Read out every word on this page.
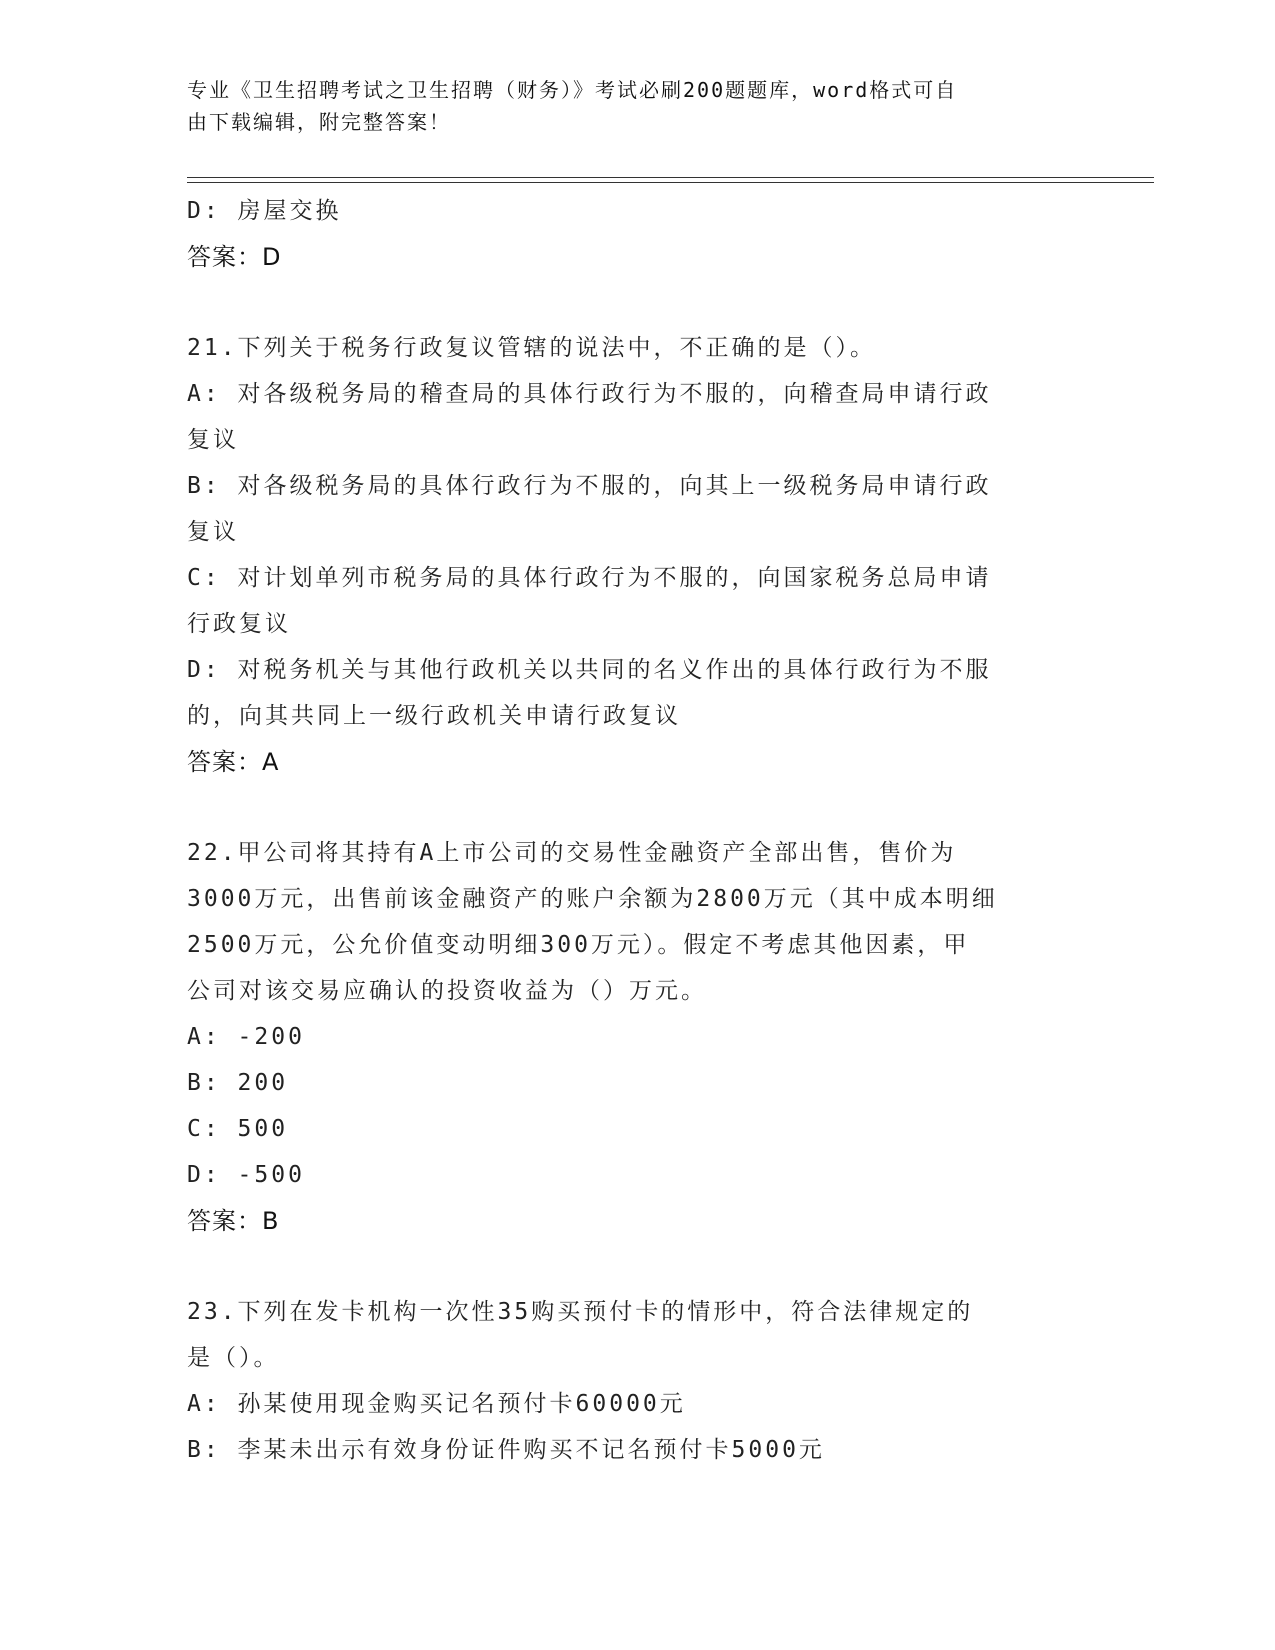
专业《卫生招聘考试之卫生招聘（财务）》考试必刷200题题库，word格式可自
由下载编辑，附完整答案！
D: 房屋交换
答案：D
21.下列关于税务行政复议管辖的说法中，不正确的是（）。
A: 对各级税务局的稽查局的具体行政行为不服的，向稽查局申请行政
复议
B: 对各级税务局的具体行政行为不服的，向其上一级税务局申请行政
复议
C: 对计划单列市税务局的具体行政行为不服的，向国家税务总局申请
行政复议
D: 对税务机关与其他行政机关以共同的名义作出的具体行政行为不服
的，向其共同上一级行政机关申请行政复议
答案：A
22.甲公司将其持有A上市公司的交易性金融资产全部出售，售价为
3000万元，出售前该金融资产的账户余额为2800万元（其中成本明细
2500万元，公允价值变动明细300万元）。假定不考虑其他因素，甲
公司对该交易应确认的投资收益为（）万元。
A: -200
B: 200
C: 500
D: -500
答案：B
23.下列在发卡机构一次性35购买预付卡的情形中，符合法律规定的
是（）。
A: 孙某使用现金购买记名预付卡60000元
B: 李某未出示有效身份证件购买不记名预付卡5000元
